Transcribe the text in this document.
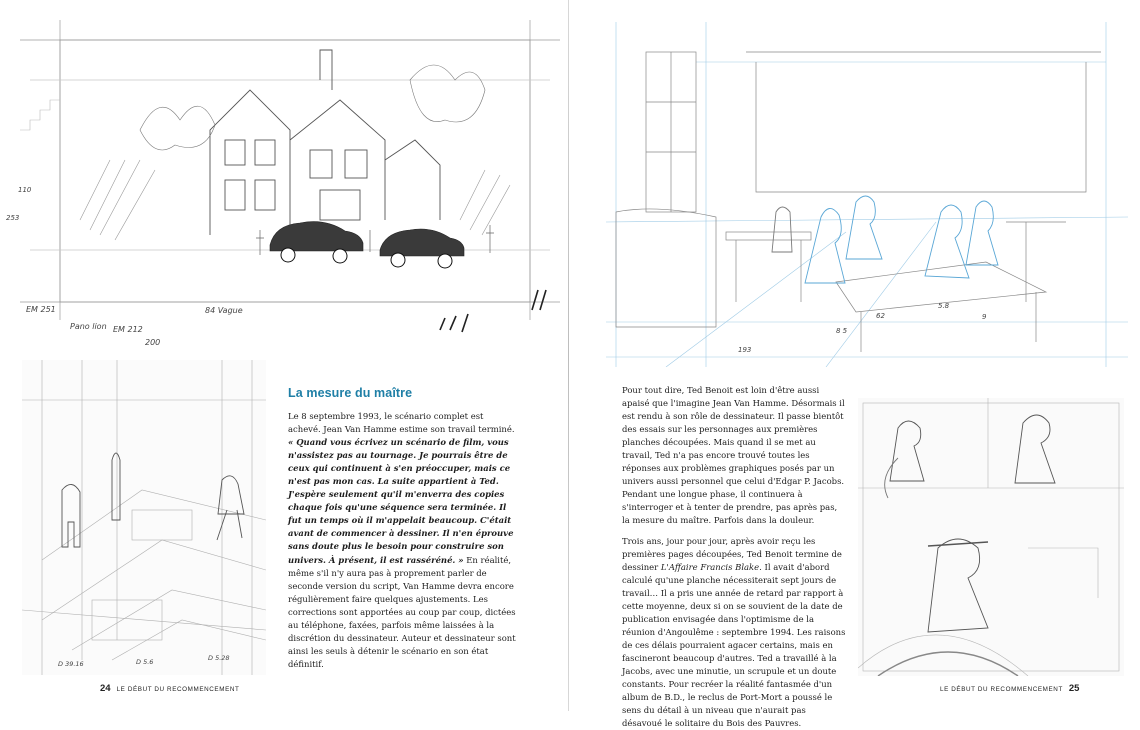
EM 251
Pano lion EM 212
200
84 Vague
110
253
D 39.16	D 5.6	D 5.28
La mesure du maître

Le 8 septembre 1993, le scénario complet est achevé. Jean Van Hamme estime son travail terminé. « Quand vous écrivez un scénario de film, vous n'assistez pas au tournage. Je pourrais être de ceux qui continuent à s'en préoccuper, mais ce n'est pas mon cas. La suite appartient à Ted. J'espère seulement qu'il m'enverra des copies chaque fois qu'une séquence sera terminée. Il fut un temps où il m'appelait beaucoup. C'était avant de commencer à dessiner. Il n'en éprouve sans doute plus le besoin pour construire son univers. À présent, il est rasséréné. » En réalité, même s'il n'y aura pas à proprement parler de seconde version du script, Van Hamme devra encore régulièrement faire quelques ajustements. Les corrections sont apportées au coup par coup, dictées au téléphone, faxées, parfois même laissées à la discrétion du dessinateur. Auteur et dessinateur sont ainsi les seuls à détenir le scénario en son état définitif.

24 LE DÉBUT DU RECOMMENCEMENT
62
5.8
8 5
9
193

Pour tout dire, Ted Benoit est loin d'être aussi apaisé que l'imagine Jean Van Hamme. Désormais il est rendu à son rôle de dessinateur. Il passe bientôt des essais sur les personnages aux premières planches découpées. Mais quand il se met au travail, Ted n'a pas encore trouvé toutes les réponses aux problèmes graphiques posés par un univers aussi personnel que celui d'Edgar P. Jacobs. Pendant une longue phase, il continuera à s'interroger et à tenter de prendre, pas après pas, la mesure du maître. Parfois dans la douleur.

Trois ans, jour pour jour, après avoir reçu les premières pages découpées, Ted Benoit termine de dessiner L'Affaire Francis Blake. Il avait d'abord calculé qu'une planche nécessiterait sept jours de travail… Il a pris une année de retard par rapport à cette moyenne, deux si on se souvient de la date de publication envisagée dans l'optimisme de la réunion d'Angoulême : septembre 1994. Les raisons de ces délais pourraient agacer certains, mais en fascineront beaucoup d'autres. Ted a travaillé à la Jacobs, avec une minutie, un scrupule et un doute constants. Pour recréer la réalité fantasmée d'un album de B.D., le reclus de Port-Mort a poussé le sens du détail à un niveau que n'aurait pas désavoué le solitaire du Bois des Pauvres.

LE DÉBUT DU RECOMMENCEMENT 25
